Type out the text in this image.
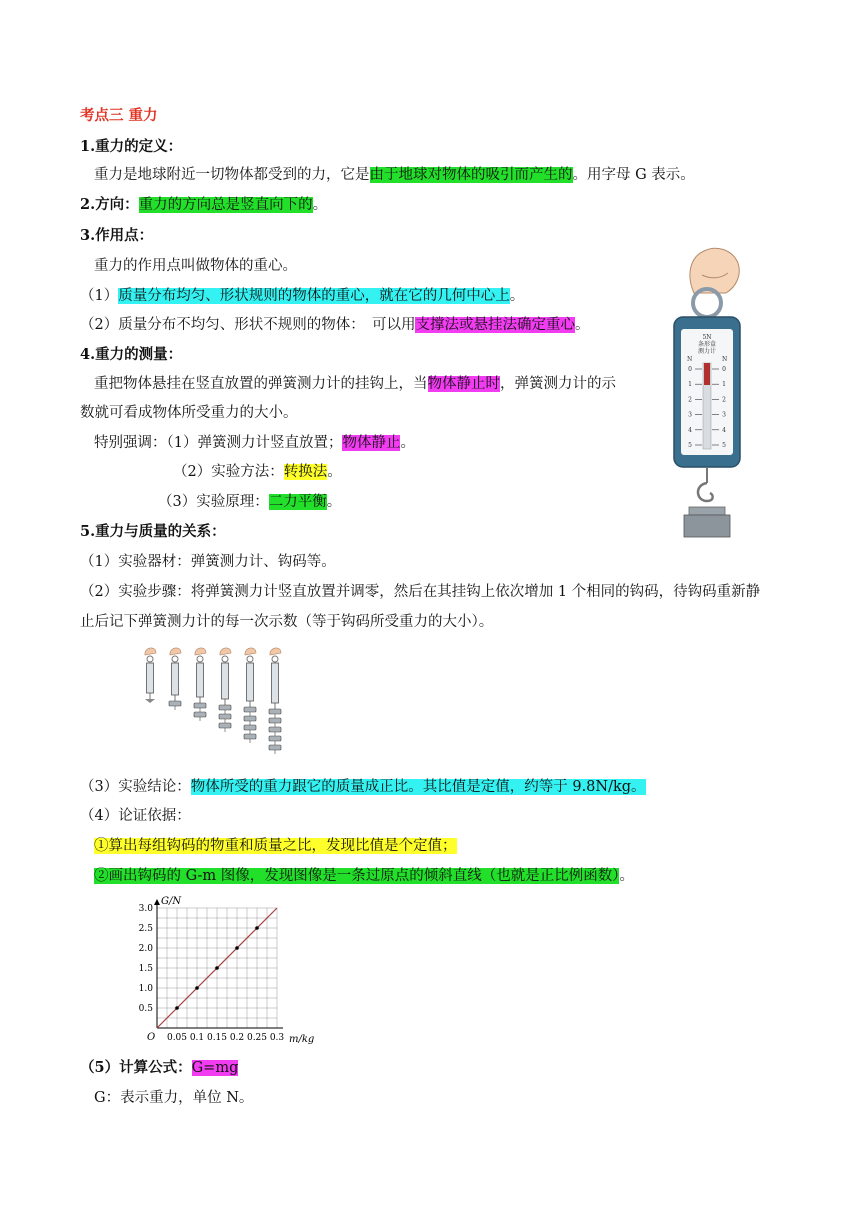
考点三 重力
1.重力的定义：
重力是地球附近一切物体都受到的力，它是由于地球对物体的吸引而产生的。用字母 G 表示。
2.方向：重力的方向总是竖直向下的。
3.作用点：
重力的作用点叫做物体的重心。
（1）质量分布均匀、形状规则的物体的重心，就在它的几何中心上。
（2）质量分布不均匀、形状不规则的物体：　可以用支撑法或悬挂法确定重心。
4.重力的测量：
重把物体悬挂在竖直放置的弹簧测力计的挂钩上，当物体静止时，弹簧测力计的示
数就可看成物体所受重力的大小。
特别强调：（1）弹簧测力计竖直放置；物体静止。
（2）实验方法：转换法。
（3）实验原理：二力平衡。
5N
条形盒
测力计
N	N
0	0
1	1
2	2
3	3
4	4
5	5
5.重力与质量的关系：
（1）实验器材：弹簧测力计、钩码等。
（2）实验步骤：将弹簧测力计竖直放置并调零，然后在其挂钩上依次增加 1 个相同的钩码，待钩码重新静
止后记下弹簧测力计的每一次示数（等于钩码所受重力的大小）。
（3）实验结论：物体所受的重力跟它的质量成正比。其比值是定值，约等于 9.8N/kg。
（4）论证依据：
①算出每组钩码的物重和质量之比，发现比值是个定值；
②画出钩码的 G-m 图像，发现图像是一条过原点的倾斜直线（也就是正比例函数）。
0.05 0.1 0.15 0.2 0.25 0.3
0.5
1.0
1.5
2.0
2.5
3.0
G/N
m/kg
O
（5）计算公式：G=mg
G：表示重力，单位 N。
